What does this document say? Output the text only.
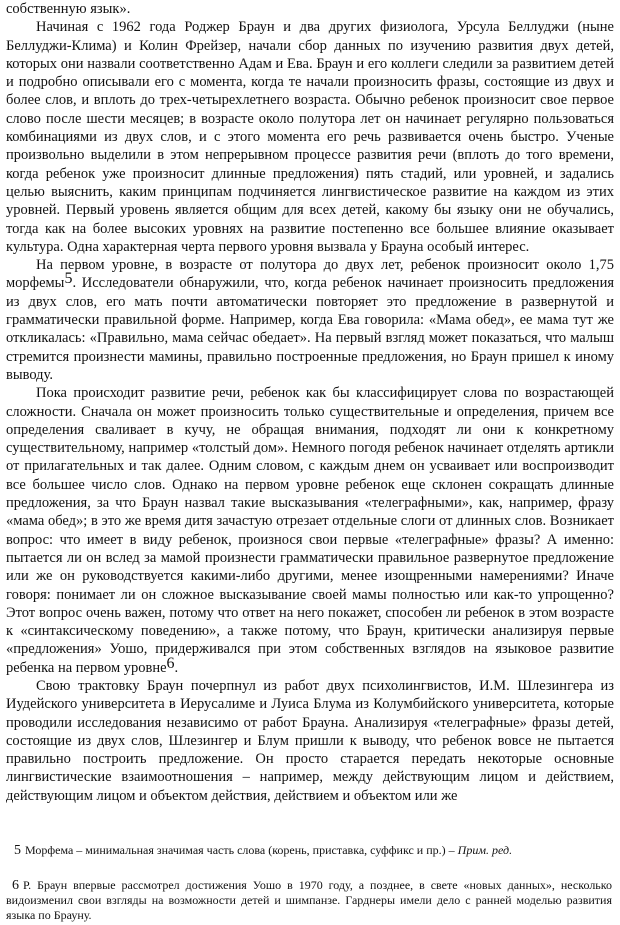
собственную язык».

Начиная с 1962 года Роджер Браун и два других физиолога, Урсула Беллуджи (ныне Беллуджи-Клима) и Колин Фрейзер, начали сбор данных по изучению развития двух детей, которых они назвали соответственно Адам и Ева. Браун и его коллеги следили за развитием детей и подробно описывали его с момента, когда те начали произносить фразы, состоящие из двух и более слов, и вплоть до трех-четырехлетнего возраста. Обычно ребенок произносит свое первое слово после шести месяцев; в возрасте около полутора лет он начинает регулярно пользоваться комбинациями из двух слов, и с этого момента его речь развивается очень быстро. Ученые произвольно выделили в этом непрерывном процессе развития речи (вплоть до того времени, когда ребенок уже произносит длинные предложения) пять стадий, или уровней, и задались целью выяснить, каким принципам подчиняется лингвистическое развитие на каждом из этих уровней. Первый уровень является общим для всех детей, какому бы языку они не обучались, тогда как на более высоких уровнях на развитие постепенно все большее влияние оказывает культура. Одна характерная черта первого уровня вызвала у Брауна особый интерес.

На первом уровне, в возрасте от полутора до двух лет, ребенок произносит около 1,75 морфемы5. Исследователи обнаружили, что, когда ребенок начинает произносить предложения из двух слов, его мать почти автоматически повторяет это предложение в развернутой и грамматически правильной форме. Например, когда Ева говорила: «Мама обед», ее мама тут же откликалась: «Правильно, мама сейчас обедает». На первый взгляд может показаться, что малыш стремится произнести мамины, правильно построенные предложения, но Браун пришел к иному выводу.

Пока происходит развитие речи, ребенок как бы классифицирует слова по возрастающей сложности. Сначала он может произносить только существительные и определения, причем все определения сваливает в кучу, не обращая внимания, подходят ли они к конкретному существительному, например «толстый дом». Немного погодя ребенок начинает отделять артикли от прилагательных и так далее. Одним словом, с каждым днем он усваивает или воспроизводит все большее число слов. Однако на первом уровне ребенок еще склонен сокращать длинные предложения, за что Браун назвал такие высказывания «телеграфными», как, например, фразу «мама обед»; в это же время дитя зачастую отрезает отдельные слоги от длинных слов. Возникает вопрос: что имеет в виду ребенок, произнося свои первые «телеграфные» фразы? А именно: пытается ли он вслед за мамой произнести грамматически правильное развернутое предложение или же он руководствуется какими-либо другими, менее изощренными намерениями? Иначе говоря: понимает ли он сложное высказывание своей мамы полностью или как-то упрощенно? Этот вопрос очень важен, потому что ответ на него покажет, способен ли ребенок в этом возрасте к «синтаксическому поведению», а также потому, что Браун, критически анализируя первые «предложения» Уошо, придерживался при этом собственных взглядов на языковое развитие ребенка на первом уровне6.

Свою трактовку Браун почерпнул из работ двух психолингвистов, И.М. Шлезингера из Иудейского университета в Иерусалиме и Луиса Блума из Колумбийского университета, которые проводили исследования независимо от работ Брауна. Анализируя «телеграфные» фразы детей, состоящие из двух слов, Шлезингер и Блум пришли к выводу, что ребенок вовсе не пытается правильно построить предложение. Он просто старается передать некоторые основные лингвистические взаимоотношения – например, между действующим лицом и действием, действующим лицом и объектом действия, действием и объектом или же

5 Морфема – минимальная значимая часть слова (корень, приставка, суффикс и пр.) – Прим. ред.
6 Р. Браун впервые рассмотрел достижения Уошо в 1970 году, а позднее, в свете «новых данных», несколько видоизменил свои взгляды на возможности детей и шимпанзе. Гарднеры имели дело с ранней моделью развития языка по Брауну.
